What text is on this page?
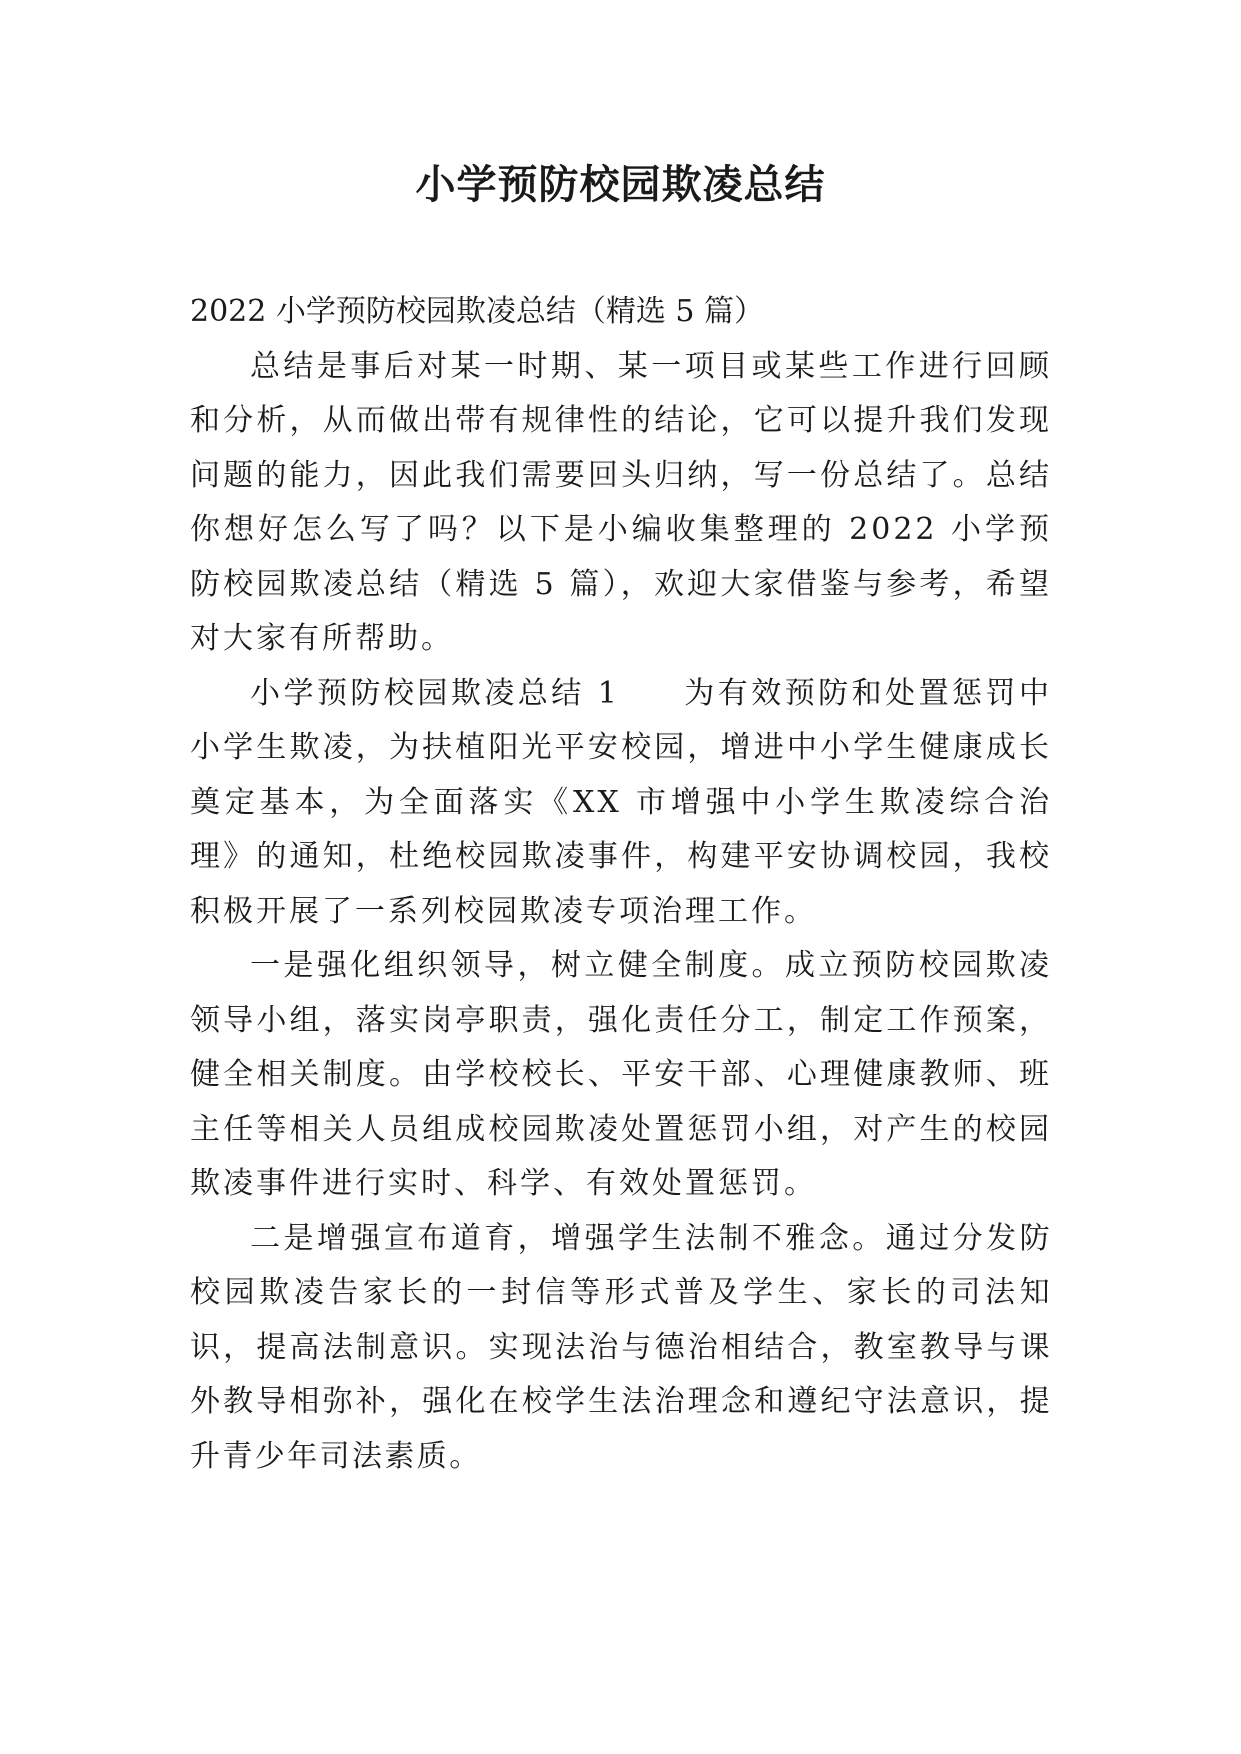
小学预防校园欺凌总结

2022 小学预防校园欺凌总结（精选 5 篇）

总结是事后对某一时期、某一项目或某些工作进行回顾和分析，从而做出带有规律性的结论，它可以提升我们发现问题的能力，因此我们需要回头归纳，写一份总结了。总结你想好怎么写了吗？以下是小编收集整理的 2022 小学预防校园欺凌总结（精选 5 篇），欢迎大家借鉴与参考，希望对大家有所帮助。

小学预防校园欺凌总结 1 为有效预防和处置惩罚中小学生欺凌，为扶植阳光平安校园，增进中小学生健康成长奠定基本，为全面落实《XX 市增强中小学生欺凌综合治理》的通知，杜绝校园欺凌事件，构建平安协调校园，我校积极开展了一系列校园欺凌专项治理工作。

一是强化组织领导，树立健全制度。成立预防校园欺凌领导小组，落实岗亭职责，强化责任分工，制定工作预案，健全相关制度。由学校校长、平安干部、心理健康教师、班主任等相关人员组成校园欺凌处置惩罚小组，对产生的校园欺凌事件进行实时、科学、有效处置惩罚。

二是增强宣布道育，增强学生法制不雅念。通过分发防校园欺凌告家长的一封信等形式普及学生、家长的司法知识，提高法制意识。实现法治与德治相结合，教室教导与课外教导相弥补，强化在校学生法治理念和遵纪守法意识，提升青少年司法素质。
